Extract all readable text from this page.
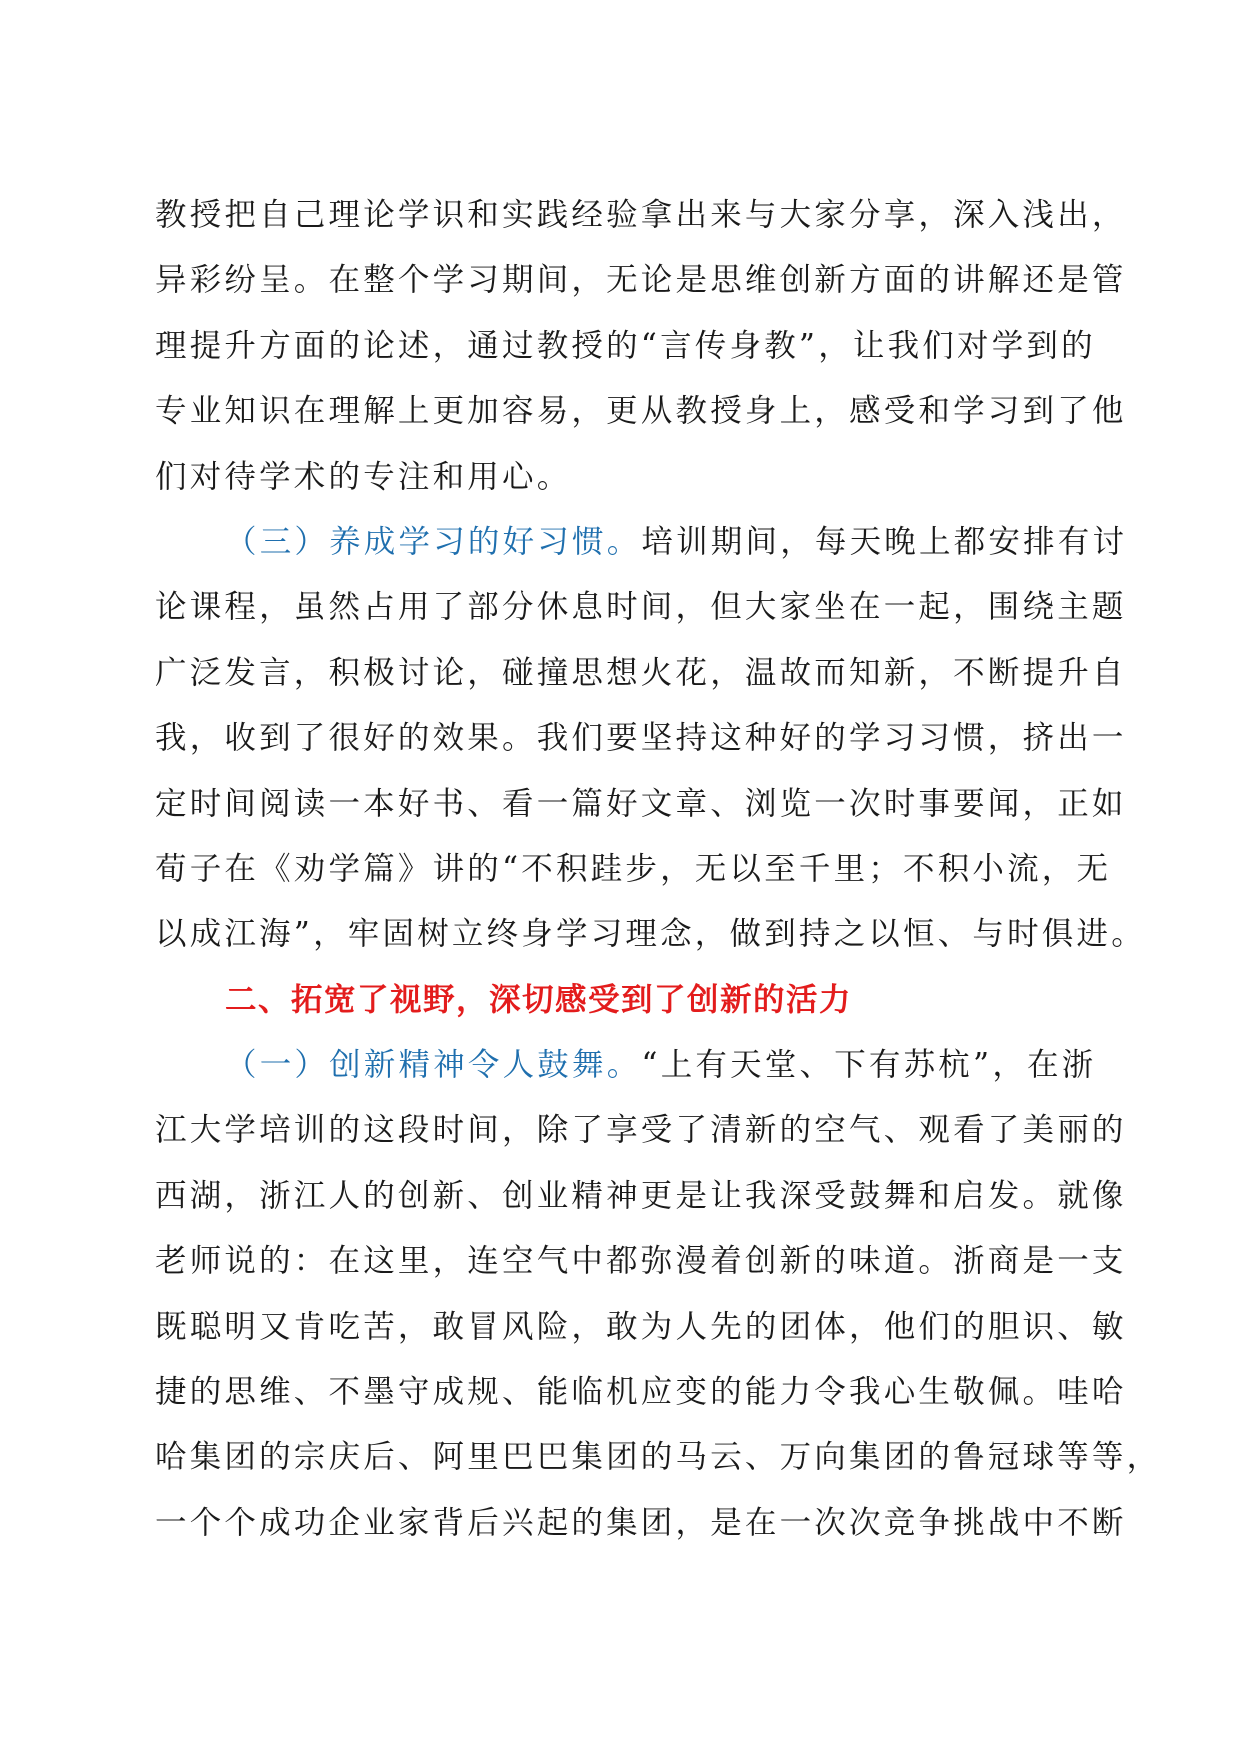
教授把自己理论学识和实践经验拿出来与大家分享，深入浅出，
异彩纷呈。在整个学习期间，无论是思维创新方面的讲解还是管
理提升方面的论述，通过教授的“言传身教”，让我们对学到的
专业知识在理解上更加容易，更从教授身上，感受和学习到了他
们对待学术的专注和用心。
（三）养成学习的好习惯。培训期间，每天晚上都安排有讨
论课程，虽然占用了部分休息时间，但大家坐在一起，围绕主题
广泛发言，积极讨论，碰撞思想火花，温故而知新，不断提升自
我，收到了很好的效果。我们要坚持这种好的学习习惯，挤出一
定时间阅读一本好书、看一篇好文章、浏览一次时事要闻，正如
荀子在《劝学篇》讲的“不积跬步，无以至千里；不积小流，无
以成江海”，牢固树立终身学习理念，做到持之以恒、与时俱进。
二、拓宽了视野，深切感受到了创新的活力
（一）创新精神令人鼓舞。“上有天堂、下有苏杭”，在浙
江大学培训的这段时间，除了享受了清新的空气、观看了美丽的
西湖，浙江人的创新、创业精神更是让我深受鼓舞和启发。就像
老师说的：在这里，连空气中都弥漫着创新的味道。浙商是一支
既聪明又肯吃苦，敢冒风险，敢为人先的团体，他们的胆识、敏
捷的思维、不墨守成规、能临机应变的能力令我心生敬佩。哇哈
哈集团的宗庆后、阿里巴巴集团的马云、万向集团的鲁冠球等等，
一个个成功企业家背后兴起的集团，是在一次次竞争挑战中不断
